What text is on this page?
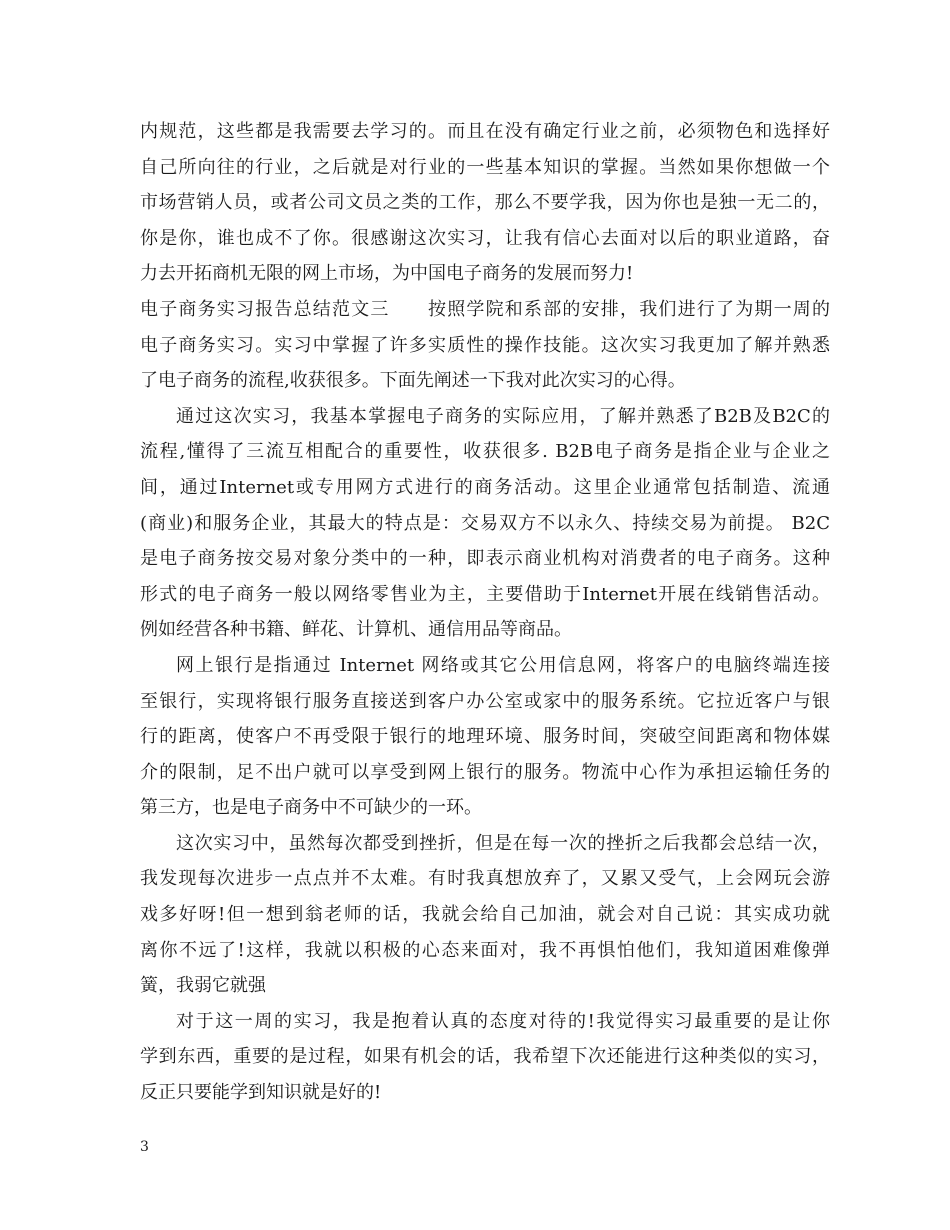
内规范，这些都是我需要去学习的。而且在没有确定行业之前，必须物色和选择好
自己所向往的行业，之后就是对行业的一些基本知识的掌握。当然如果你想做一个
市场营销人员，或者公司文员之类的工作，那么不要学我，因为你也是独一无二的，
你是你，谁也成不了你。很感谢这次实习，让我有信心去面对以后的职业道路，奋
力去开拓商机无限的网上市场，为中国电子商务的发展而努力!
电子商务实习报告总结范文三　　按照学院和系部的安排，我们进行了为期一周的
电子商务实习。实习中掌握了许多实质性的操作技能。这次实习我更加了解并熟悉
了电子商务的流程,收获很多。下面先阐述一下我对此次实习的心得。
通过这次实习，我基本掌握电子商务的实际应用，了解并熟悉了B2B及B2C的
流程,懂得了三流互相配合的重要性，收获很多. B2B电子商务是指企业与企业之
间，通过Internet或专用网方式进行的商务活动。这里企业通常包括制造、流通
(商业)和服务企业，其最大的特点是：交易双方不以永久、持续交易为前提。 B2C
是电子商务按交易对象分类中的一种，即表示商业机构对消费者的电子商务。这种
形式的电子商务一般以网络零售业为主，主要借助于Internet开展在线销售活动。
例如经营各种书籍、鲜花、计算机、通信用品等商品。
网上银行是指通过 Internet 网络或其它公用信息网，将客户的电脑终端连接
至银行，实现将银行服务直接送到客户办公室或家中的服务系统。它拉近客户与银
行的距离，使客户不再受限于银行的地理环境、服务时间，突破空间距离和物体媒
介的限制，足不出户就可以享受到网上银行的服务。物流中心作为承担运输任务的
第三方，也是电子商务中不可缺少的一环。
这次实习中，虽然每次都受到挫折，但是在每一次的挫折之后我都会总结一次，
我发现每次进步一点点并不太难。有时我真想放弃了，又累又受气，上会网玩会游
戏多好呀!但一想到翁老师的话，我就会给自己加油，就会对自己说：其实成功就
离你不远了!这样，我就以积极的心态来面对，我不再惧怕他们，我知道困难像弹
簧，我弱它就强
对于这一周的实习，我是抱着认真的态度对待的!我觉得实习最重要的是让你
学到东西，重要的是过程，如果有机会的话，我希望下次还能进行这种类似的实习，
反正只要能学到知识就是好的!
3
